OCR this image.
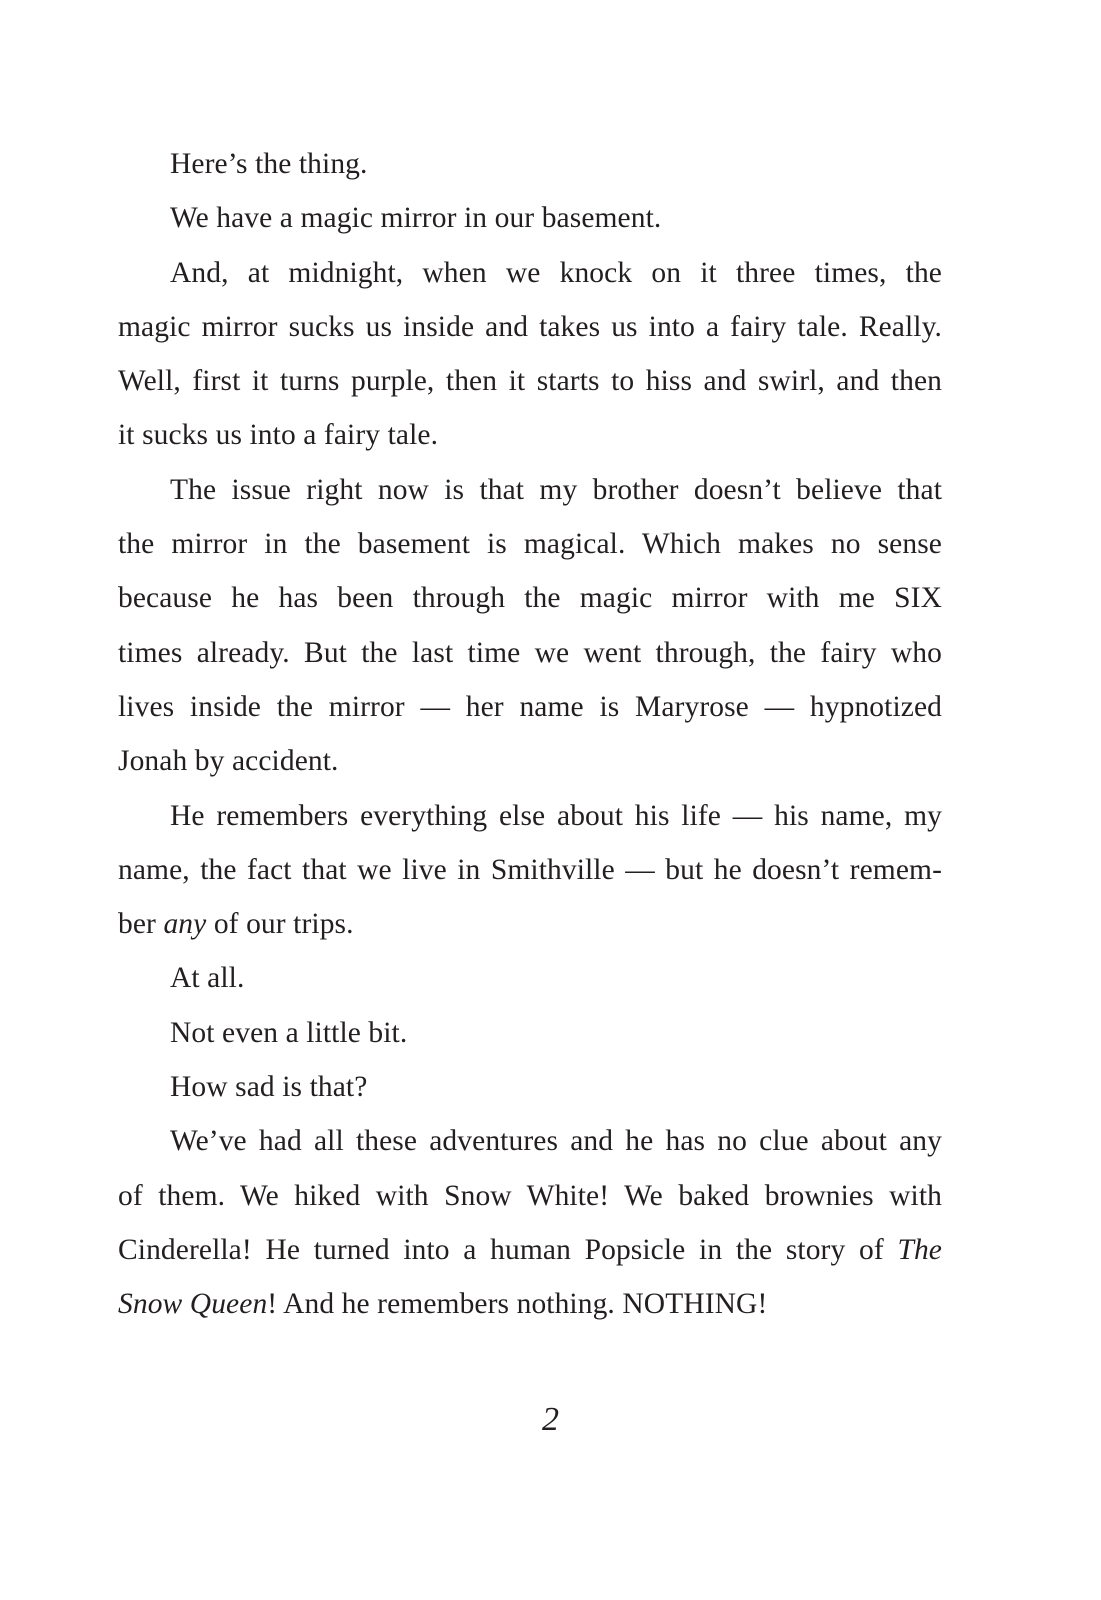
Here’s the thing.

We have a magic mirror in our basement.

And, at midnight, when we knock on it three times, the
magic mirror sucks us inside and takes us into a fairy tale. Really.
Well, first it turns purple, then it starts to hiss and swirl, and then
it sucks us into a fairy tale.

The issue right now is that my brother doesn’t believe that
the mirror in the basement is magical. Which makes no sense
because he has been through the magic mirror with me SIX
times already. But the last time we went through, the fairy who
lives inside the mirror — her name is Maryrose — hypnotized
Jonah by accident.

He remembers everything else about his life — his name, my
name, the fact that we live in Smithville — but he doesn’t remem-
ber any of our trips.

At all.

Not even a little bit.

How sad is that?

We’ve had all these adventures and he has no clue about any
of them. We hiked with Snow White! We baked brownies with
Cinderella! He turned into a human Popsicle in the story of The
Snow Queen! And he remembers nothing. NOTHING!

2
